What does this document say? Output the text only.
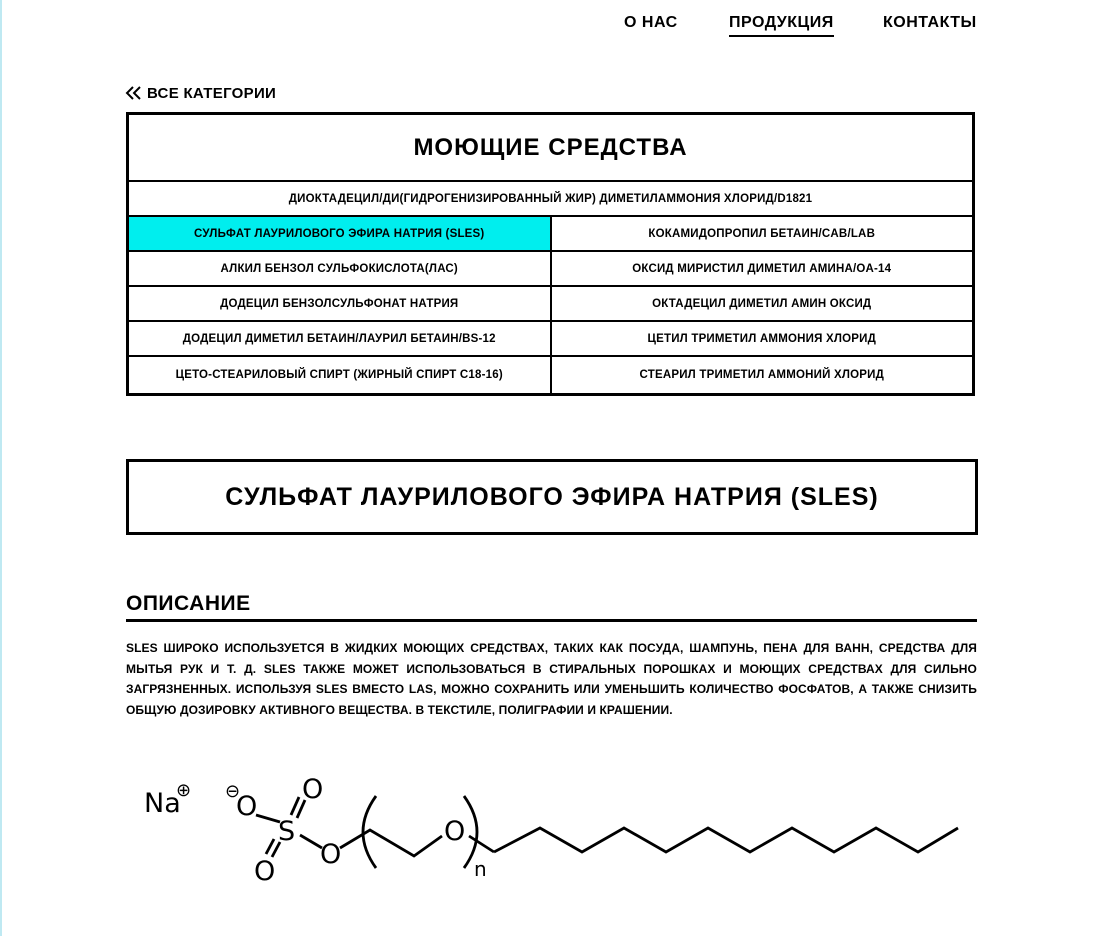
О НАС	ПРОДУКЦИЯ	КОНТАКТЫ
ВСЕ КАТЕГОРИИ
МОЮЩИЕ СРЕДСТВА	
ДИОКТАДЕЦИЛ/ДИ(ГИДРОГЕНИЗИРОВАННЫЙ ЖИР) ДИМЕТИЛАММОНИЯ ХЛОРИД/D1821	
СУЛЬФАТ ЛАУРИЛОВОГО ЭФИРА НАТРИЯ (SLES)	КОКАМИДОПРОПИЛ БЕТАИН/CAB/LAB
АЛКИЛ БЕНЗОЛ СУЛЬФОКИСЛОТА(ЛАС)	ОКСИД МИРИСТИЛ ДИМЕТИЛ АМИНА/OA-14
ДОДЕЦИЛ БЕНЗОЛСУЛЬФОНАТ НАТРИЯ	ОКТАДЕЦИЛ ДИМЕТИЛ АМИН ОКСИД
ДОДЕЦИЛ ДИМЕТИЛ БЕТАИН/ЛАУРИЛ БЕТАИН/BS-12	ЦЕТИЛ ТРИМЕТИЛ АММОНИЯ ХЛОРИД
ЦЕТО-СТЕАРИЛОВЫЙ СПИРТ (ЖИРНЫЙ СПИРТ C18-16)	СТЕАРИЛ ТРИМЕТИЛ АММОНИЙ ХЛОРИД
СУЛЬФАТ ЛАУРИЛОВОГО ЭФИРА НАТРИЯ (SLES)
ОПИСАНИЕ
SLES ШИРОКО ИСПОЛЬЗУЕТСЯ В ЖИДКИХ МОЮЩИХ СРЕДСТВАХ, ТАКИХ КАК ПОСУДА, ШАМПУНЬ, ПЕНА ДЛЯ ВАНН, СРЕДСТВА ДЛЯ МЫТЬЯ РУК И Т. Д. SLES ТАКЖЕ МОЖЕТ ИСПОЛЬЗОВАТЬСЯ В СТИРАЛЬНЫХ ПОРОШКАХ И МОЮЩИХ СРЕДСТВАХ ДЛЯ СИЛЬНО ЗАГРЯЗНЕННЫХ. ИСПОЛЬЗУЯ SLES ВМЕСТО LAS, МОЖНО СОХРАНИТЬ ИЛИ УМЕНЬШИТЬ КОЛИЧЕСТВО ФОСФАТОВ, А ТАКЖЕ СНИЗИТЬ ОБЩУЮ ДОЗИРОВКУ АКТИВНОГО ВЕЩЕСТВА. В ТЕКСТИЛЕ, ПОЛИГРАФИИ И КРАШЕНИИ.
Na
⊕ ⊖
O
O
S
O
O
O
n
